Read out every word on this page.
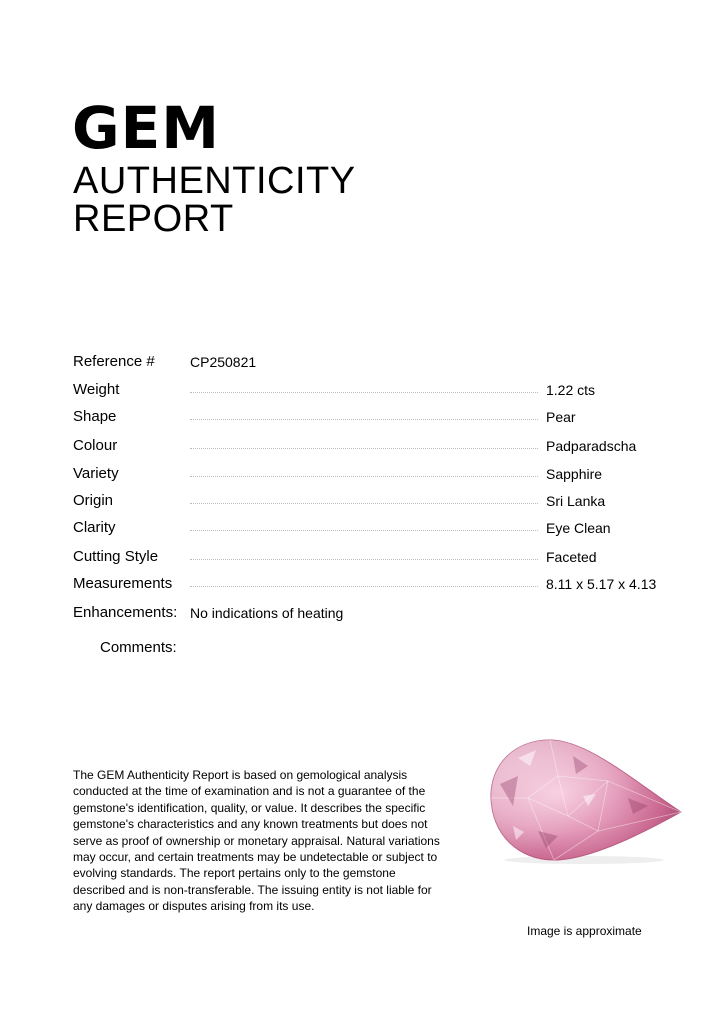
GEM
AUTHENTICITY
REPORT
Reference #	CP250821
Weight	1.22 cts
Shape	Pear
Colour	Padparadscha
Variety	Sapphire
Origin	Sri Lanka
Clarity	Eye Clean
Cutting Style	Faceted
Measurements	8.11 x 5.17 x 4.13
Enhancements: No indications of heating
Comments:
The GEM Authenticity Report is based on gemological analysis conducted at the time of examination and is not a guarantee of the gemstone's identification, quality, or value. It describes the specific gemstone's characteristics and any known treatments but does not serve as proof of ownership or monetary appraisal. Natural variations may occur, and certain treatments may be undetectable or subject to evolving standards. The report pertains only to the gemstone described and is non-transferable. The issuing entity is not liable for any damages or disputes arising from its use.
Image is approximate
